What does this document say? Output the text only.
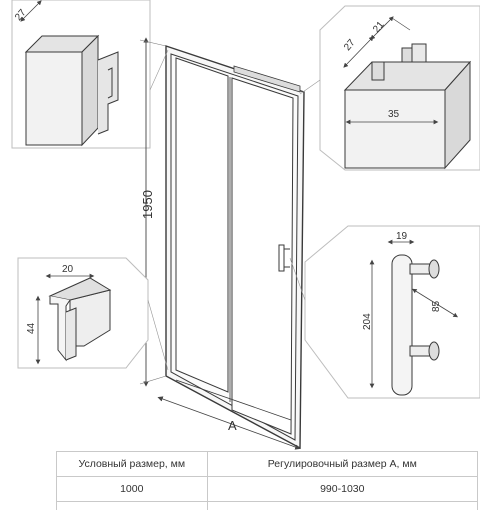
27
35
27
21
1950
A
20
44
19
204
85
Условный размер, мм	Регулировочный размер А, мм
1000	990-1030
